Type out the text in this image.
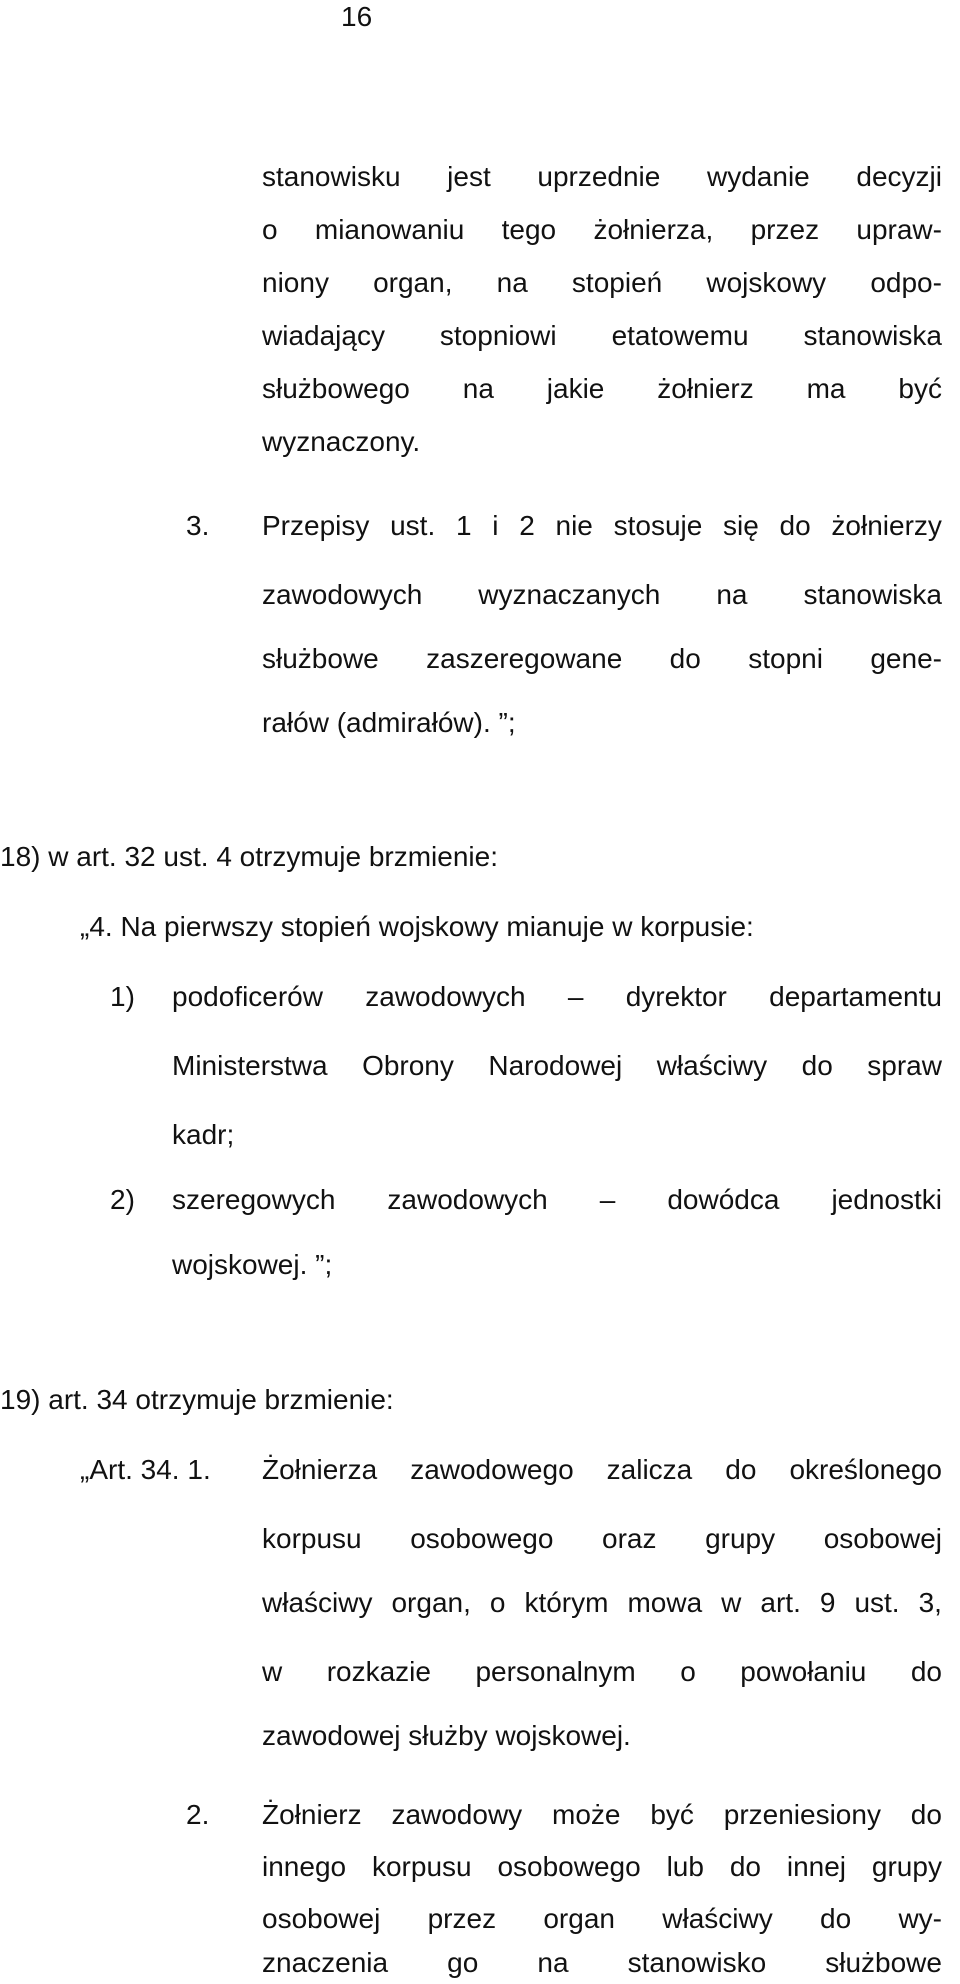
16
stanowisku jest uprzednie wydanie decyzji
o mianowaniu tego żołnierza, przez upraw-
niony organ, na stopień wojskowy odpo-
wiadający stopniowi etatowemu stanowiska
służbowego na jakie żołnierz ma być
wyznaczony.
3. Przepisy ust. 1 i 2 nie stosuje się do żołnierzy
zawodowych wyznaczanych na stanowiska
służbowe zaszeregowane do stopni gene-
rałów (admirałów). ”;
18) w art. 32 ust. 4 otrzymuje brzmienie:
„4. Na pierwszy stopień wojskowy mianuje w korpusie:
1) podoficerów zawodowych – dyrektor departamentu
Ministerstwa Obrony Narodowej właściwy do spraw
kadr;
2) szeregowych zawodowych – dowódca jednostki
wojskowej. ”;
19) art. 34 otrzymuje brzmienie:
„Art. 34. 1. Żołnierza zawodowego zalicza do określonego
korpusu osobowego oraz grupy osobowej
właściwy organ, o którym mowa w art. 9 ust. 3,
w rozkazie personalnym o powołaniu do
zawodowej służby wojskowej.
2. Żołnierz zawodowy może być przeniesiony do
innego korpusu osobowego lub do innej grupy
osobowej przez organ właściwy do wy-
znaczenia go na stanowisko służbowe
